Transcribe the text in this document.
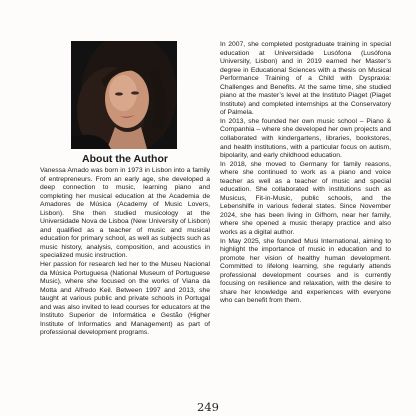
About the Author

Vanessa Amado was born in 1973 in Lisbon into a family of entrepreneurs. From an early age, she developed a deep connection to music, learning piano and completing her musical education at the Academia de Amadores de Música (Academy of Music Lovers, Lisbon). She then studied musicology at the Universidade Nova de Lisboa (New University of Lisbon) and qualified as a teacher of music and musical education for primary school, as well as subjects such as music history, analysis, composition, and acoustics in specialized music instruction.

Her passion for research led her to the Museu Nacional da Música Portuguesa (National Museum of Portuguese Music), where she focused on the works of Viana da Motta and Alfredo Keil. Between 1997 and 2013, she taught at various public and private schools in Portugal and was also invited to lead courses for educators at the Instituto Superior de Informática e Gestão (Higher Institute of Informatics and Management) as part of professional development programs.

In 2007, she completed postgraduate training in special education at Universidade Lusófona (Lusófona University, Lisbon) and in 2019 earned her Master’s degree in Educational Sciences with a thesis on Musical Performance Training of a Child with Dyspraxia: Challenges and Benefits. At the same time, she studied piano at the master’s level at the Instituto Piaget (Piaget Institute) and completed internships at the Conservatory of Palmela.

In 2013, she founded her own music school – Piano & Companhia – where she developed her own projects and collaborated with kindergartens, libraries, bookstores, and health institutions, with a particular focus on autism, bipolarity, and early childhood education.

In 2018, she moved to Germany for family reasons, where she continued to work as a piano and voice teacher as well as a teacher of music and special education. She collaborated with institutions such as Musicus, Fit-in-Music, public schools, and the Lebenshilfe in various federal states. Since November 2024, she has been living in Gifhorn, near her family, where she opened a music therapy practice and also works as a digital author.

In May 2025, she founded Musi International, aiming to highlight the importance of music in education and to promote her vision of healthy human development. Committed to lifelong learning, she regularly attends professional development courses and is currently focusing on resilience and relaxation, with the desire to share her knowledge and experiences with everyone who can benefit from them.

249
